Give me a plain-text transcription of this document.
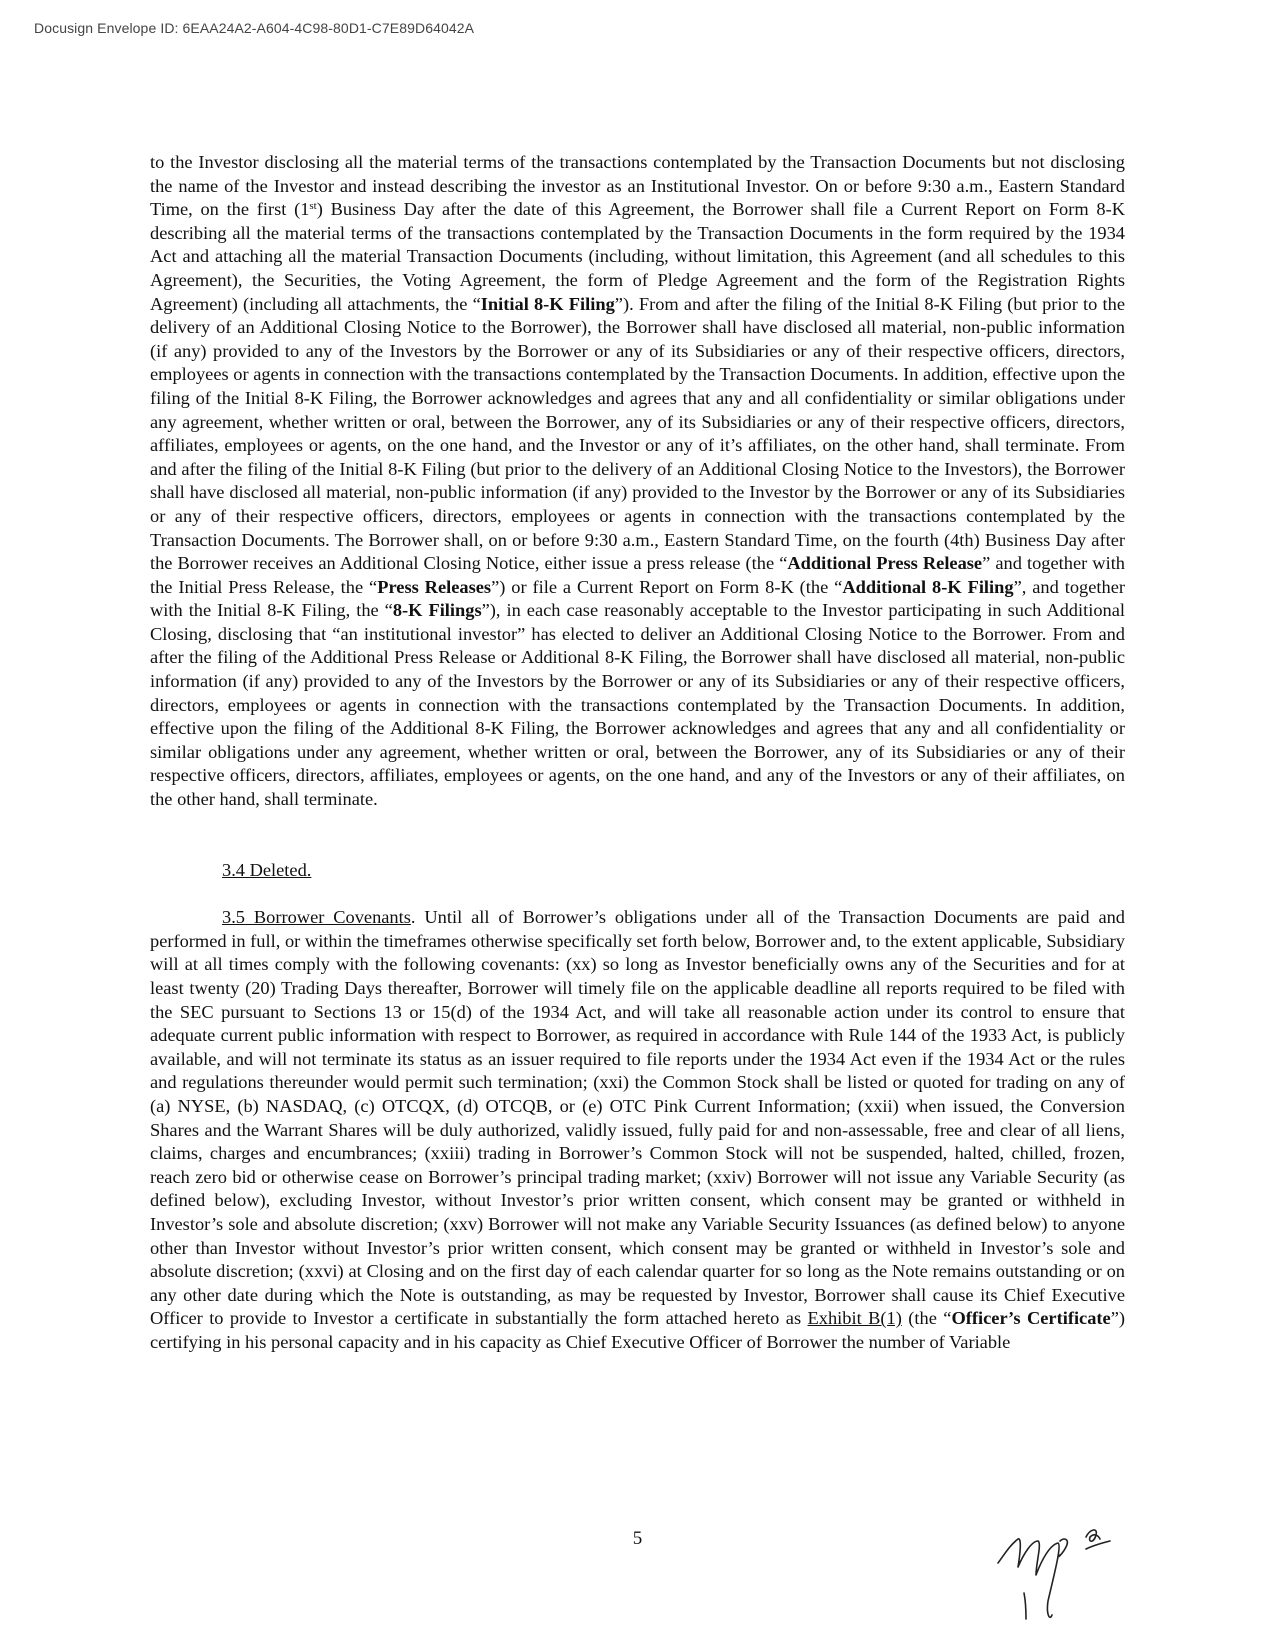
Docusign Envelope ID: 6EAA24A2-A604-4C98-80D1-C7E89D64042A

to the Investor disclosing all the material terms of the transactions contemplated by the Transaction Documents but not disclosing the name of the Investor and instead describing the investor as an Institutional Investor. On or before 9:30 a.m., Eastern Standard Time, on the first (1st) Business Day after the date of this Agreement, the Borrower shall file a Current Report on Form 8-K describing all the material terms of the transactions contemplated by the Transaction Documents in the form required by the 1934 Act and attaching all the material Transaction Documents (including, without limitation, this Agreement (and all schedules to this Agreement), the Securities, the Voting Agreement, the form of Pledge Agreement and the form of the Registration Rights Agreement) (including all attachments, the “Initial 8-K Filing”). From and after the filing of the Initial 8-K Filing (but prior to the delivery of an Additional Closing Notice to the Borrower), the Borrower shall have disclosed all material, non-public information (if any) provided to any of the Investors by the Borrower or any of its Subsidiaries or any of their respective officers, directors, employees or agents in connection with the transactions contemplated by the Transaction Documents. In addition, effective upon the filing of the Initial 8-K Filing, the Borrower acknowledges and agrees that any and all confidentiality or similar obligations under any agreement, whether written or oral, between the Borrower, any of its Subsidiaries or any of their respective officers, directors, affiliates, employees or agents, on the one hand, and the Investor or any of it’s affiliates, on the other hand, shall terminate. From and after the filing of the Initial 8-K Filing (but prior to the delivery of an Additional Closing Notice to the Investors), the Borrower shall have disclosed all material, non-public information (if any) provided to the Investor by the Borrower or any of its Subsidiaries or any of their respective officers, directors, employees or agents in connection with the transactions contemplated by the Transaction Documents. The Borrower shall, on or before 9:30 a.m., Eastern Standard Time, on the fourth (4th) Business Day after the Borrower receives an Additional Closing Notice, either issue a press release (the “Additional Press Release” and together with the Initial Press Release, the “Press Releases”) or file a Current Report on Form 8-K (the “Additional 8-K Filing”, and together with the Initial 8-K Filing, the “8-K Filings”), in each case reasonably acceptable to the Investor participating in such Additional Closing, disclosing that “an institutional investor” has elected to deliver an Additional Closing Notice to the Borrower. From and after the filing of the Additional Press Release or Additional 8-K Filing, the Borrower shall have disclosed all material, non-public information (if any) provided to any of the Investors by the Borrower or any of its Subsidiaries or any of their respective officers, directors, employees or agents in connection with the transactions contemplated by the Transaction Documents. In addition, effective upon the filing of the Additional 8-K Filing, the Borrower acknowledges and agrees that any and all confidentiality or similar obligations under any agreement, whether written or oral, between the Borrower, any of its Subsidiaries or any of their respective officers, directors, affiliates, employees or agents, on the one hand, and any of the Investors or any of their affiliates, on the other hand, shall terminate.

3.4 Deleted.

3.5 Borrower Covenants. Until all of Borrower’s obligations under all of the Transaction Documents are paid and performed in full, or within the timeframes otherwise specifically set forth below, Borrower and, to the extent applicable, Subsidiary will at all times comply with the following covenants: (xx) so long as Investor beneficially owns any of the Securities and for at least twenty (20) Trading Days thereafter, Borrower will timely file on the applicable deadline all reports required to be filed with the SEC pursuant to Sections 13 or 15(d) of the 1934 Act, and will take all reasonable action under its control to ensure that adequate current public information with respect to Borrower, as required in accordance with Rule 144 of the 1933 Act, is publicly available, and will not terminate its status as an issuer required to file reports under the 1934 Act even if the 1934 Act or the rules and regulations thereunder would permit such termination; (xxi) the Common Stock shall be listed or quoted for trading on any of (a) NYSE, (b) NASDAQ, (c) OTCQX, (d) OTCQB, or (e) OTC Pink Current Information; (xxii) when issued, the Conversion Shares and the Warrant Shares will be duly authorized, validly issued, fully paid for and non-assessable, free and clear of all liens, claims, charges and encumbrances; (xxiii) trading in Borrower’s Common Stock will not be suspended, halted, chilled, frozen, reach zero bid or otherwise cease on Borrower’s principal trading market; (xxiv) Borrower will not issue any Variable Security (as defined below), excluding Investor, without Investor’s prior written consent, which consent may be granted or withheld in Investor’s sole and absolute discretion; (xxv) Borrower will not make any Variable Security Issuances (as defined below) to anyone other than Investor without Investor’s prior written consent, which consent may be granted or withheld in Investor’s sole and absolute discretion; (xxvi) at Closing and on the first day of each calendar quarter for so long as the Note remains outstanding or on any other date during which the Note is outstanding, as may be requested by Investor, Borrower shall cause its Chief Executive Officer to provide to Investor a certificate in substantially the form attached hereto as Exhibit B(1) (the “Officer’s Certificate”) certifying in his personal capacity and in his capacity as Chief Executive Officer of Borrower the number of Variable

5
